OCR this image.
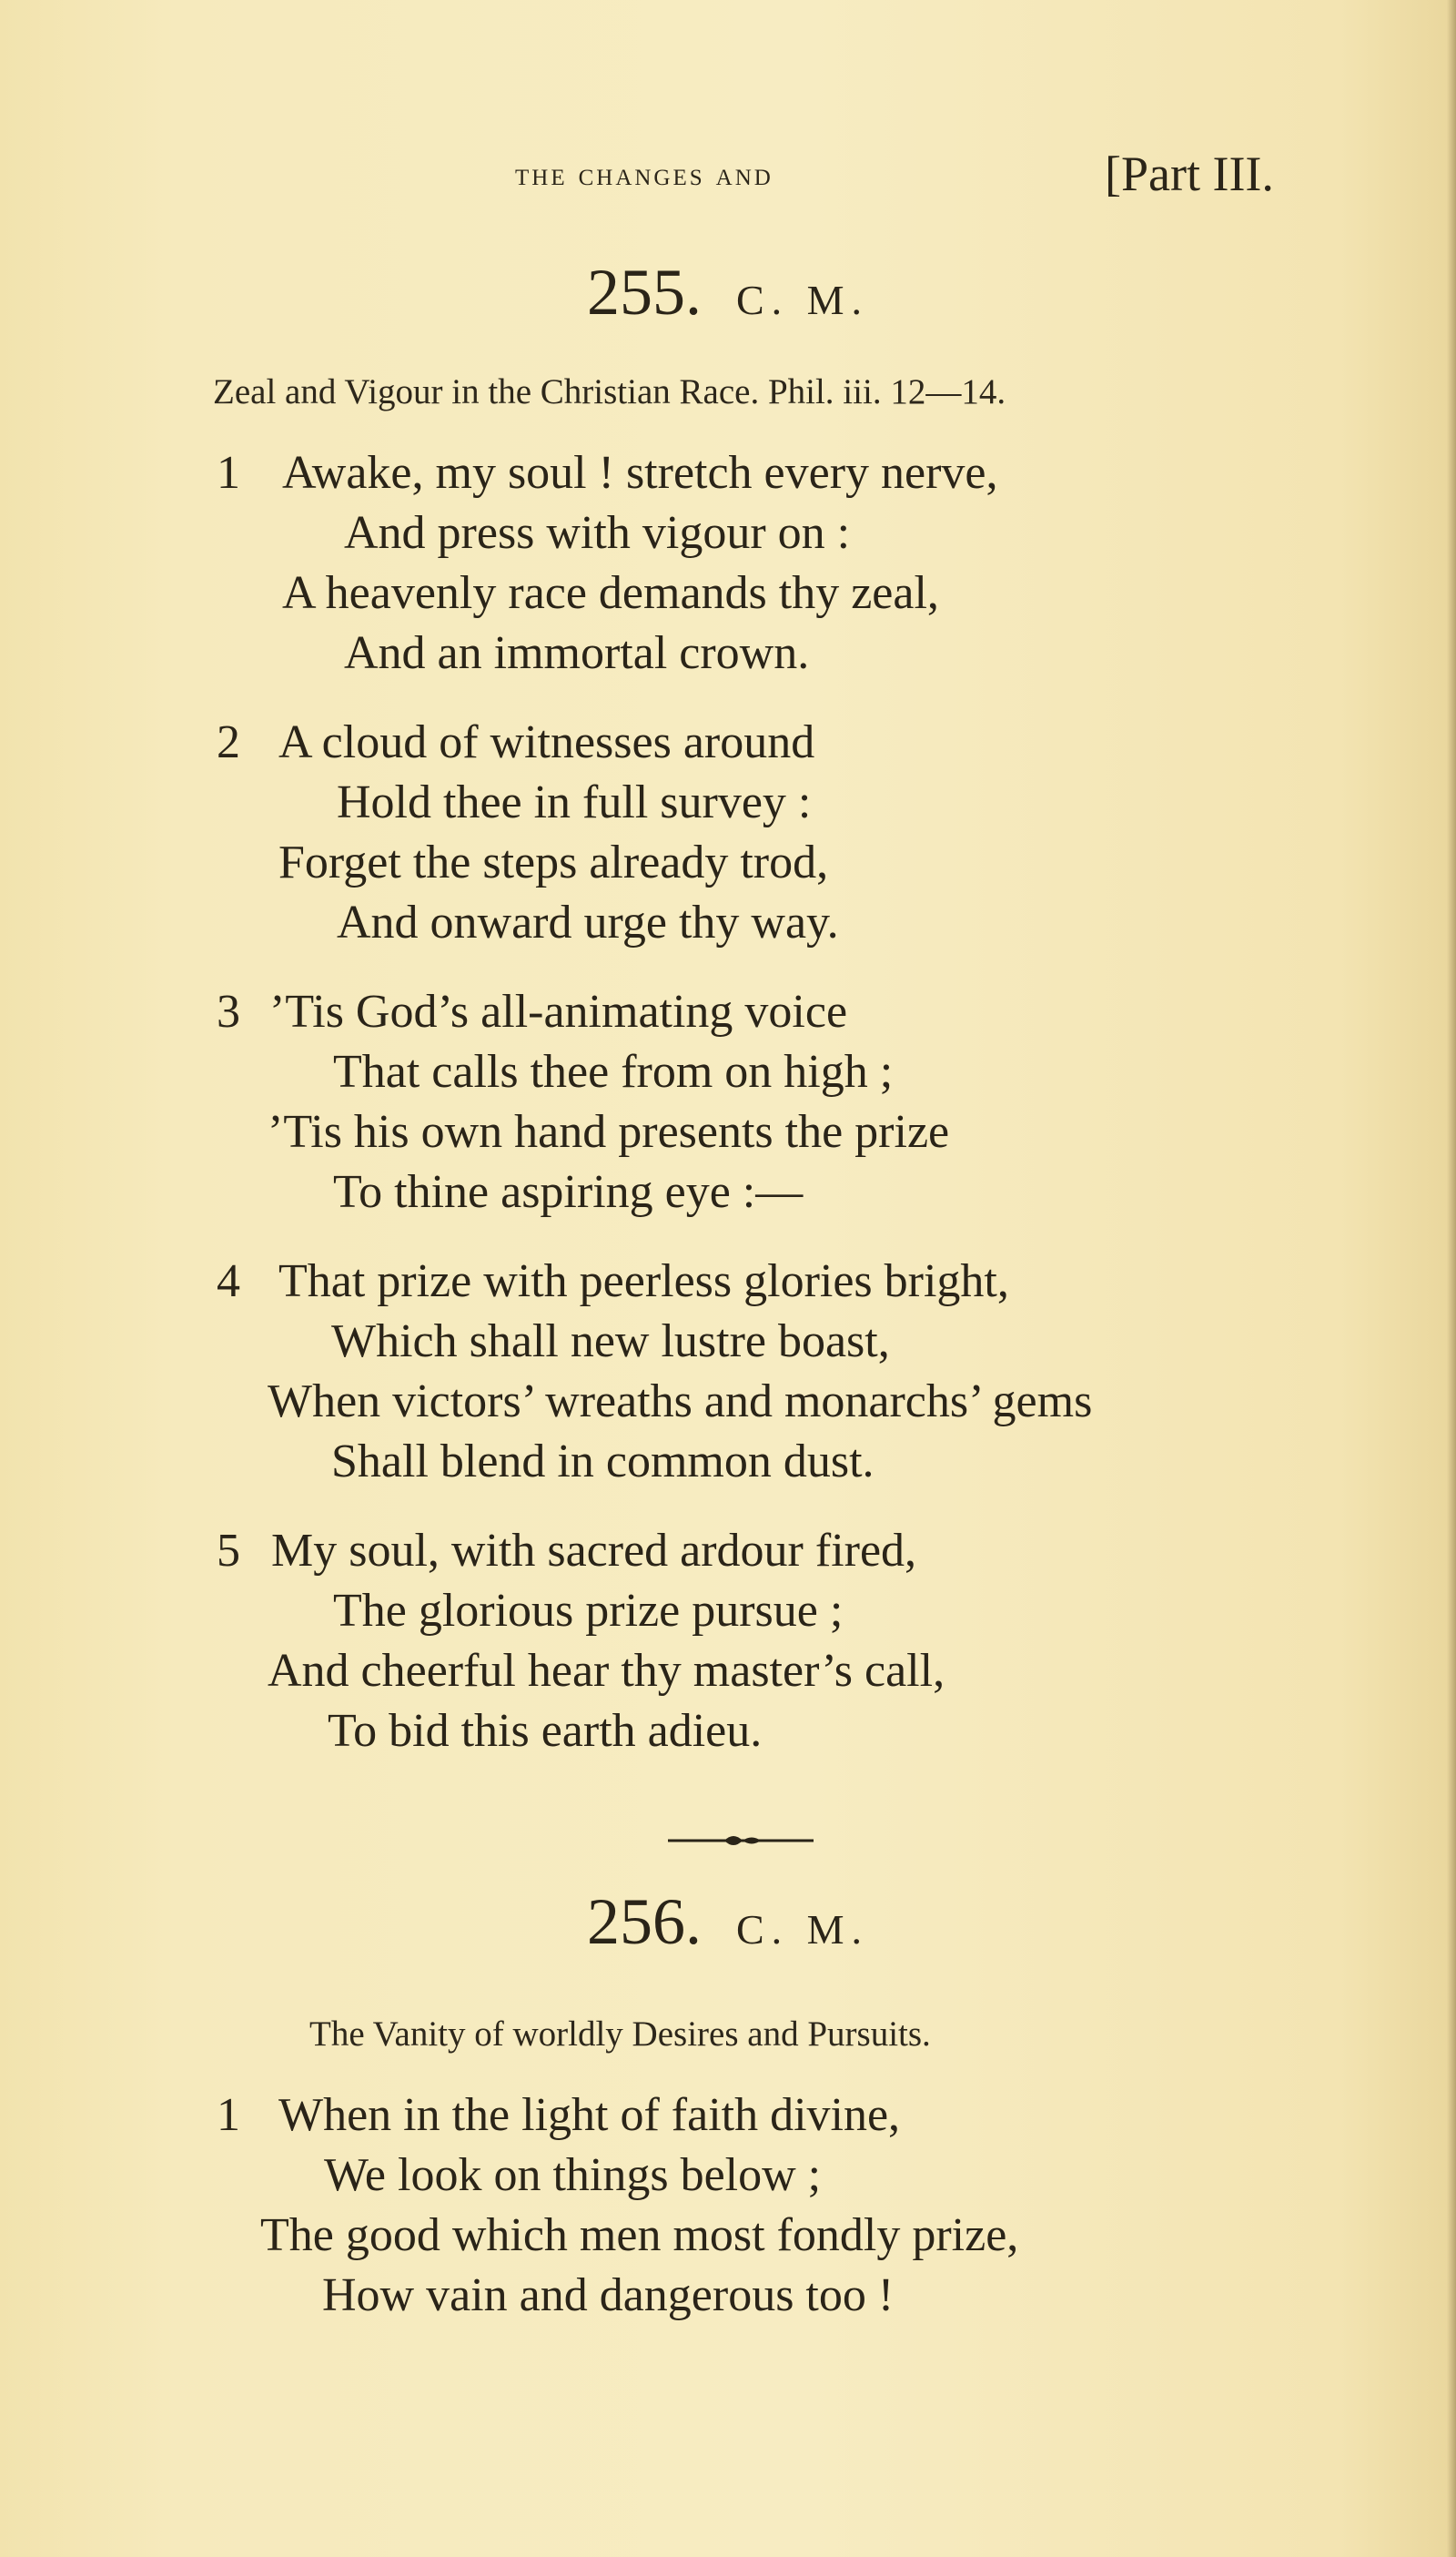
the changes and	[Part III.
255. C. M.
Zeal and Vigour in the Christian Race. Phil. iii. 12—14.
1 Awake, my soul ! stretch every nerve,
And press with vigour on :
A heavenly race demands thy zeal,
And an immortal crown.
2 A cloud of witnesses around
Hold thee in full survey :
Forget the steps already trod,
And onward urge thy way.
3 ’Tis God’s all-animating voice
That calls thee from on high ;
’Tis his own hand presents the prize
To thine aspiring eye :—
4 That prize with peerless glories bright,
Which shall new lustre boast,
When victors’ wreaths and monarchs’ gems
Shall blend in common dust.
5 My soul, with sacred ardour fired,
The glorious prize pursue ;
And cheerful hear thy master’s call,
To bid this earth adieu.
256. C. M.
The Vanity of worldly Desires and Pursuits.
1 When in the light of faith divine,
We look on things below ;
The good which men most fondly prize,
How vain and dangerous too !
